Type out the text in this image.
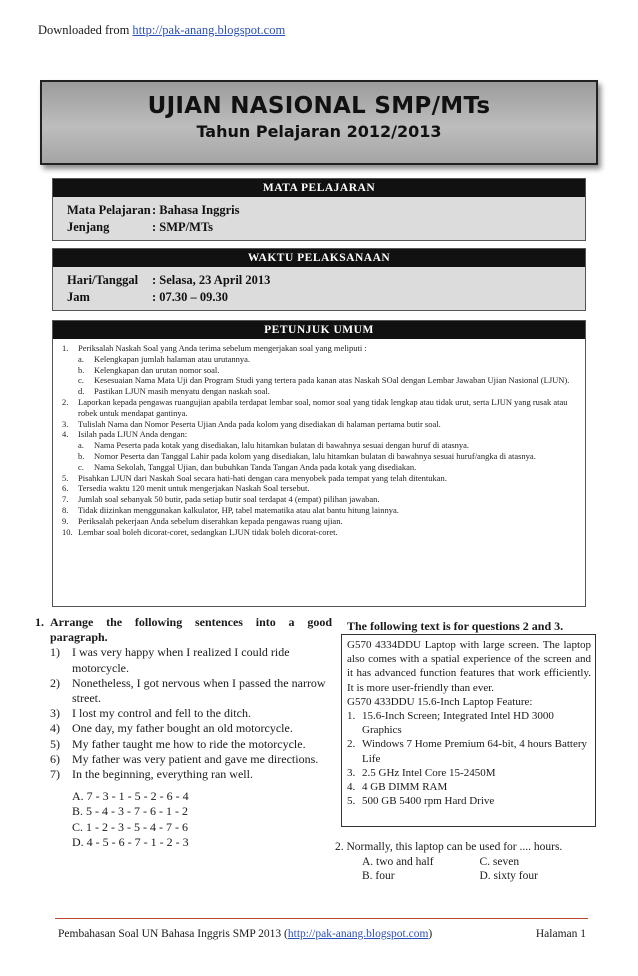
Downloaded from http://pak-anang.blogspot.com
UJIAN NASIONAL SMP/MTs
Tahun Pelajaran 2012/2013
MATA PELAJARAN
Mata Pelajaran: Bahasa Inggris
Jenjang	: SMP/MTs
WAKTU PELAKSANAAN
Hari/Tanggal : Selasa, 23 April 2013
Jam	: 07.30 – 09.30
PETUNJUK UMUM
1.	Periksalah Naskah Soal yang Anda terima sebelum mengerjakan soal yang meliputi :
a.	Kelengkapan jumlah halaman atau urutannya.
b.	Kelengkapan dan urutan nomor soal.
c.	Kesesuaian Nama Mata Uji dan Program Studi yang tertera pada kanan atas Naskah SOal dengan Lembar Jawaban Ujian Nasional (LJUN).
d.	Pastikan LJUN masih menyatu dengan naskah soal.
2.	Laporkan kepada pengawas ruangujian apabila terdapat lembar soal, nomor soal yang tidak lengkap atau tidak urut, serta LJUN yang rusak atau robek untuk mendapat gantinya.
3.	Tulislah Nama dan Nomor Peserta Ujian Anda pada kolom yang disediakan di halaman pertama butir soal.
4.	Isilah pada LJUN Anda dengan:
a.	Nama Peserta pada kotak yang disediakan, lalu hitamkan bulatan di bawahnya sesuai dengan huruf di atasnya.
b.	Nomor Peserta dan Tanggal Lahir pada kolom yang disediakan, lalu hitamkan bulatan di bawahnya sesuai huruf/angka di atasnya.
c.	Nama Sekolah, Tanggal Ujian, dan bubuhkan Tanda Tangan Anda pada kotak yang disediakan.
5.	Pisahkan LJUN dari Naskah Soal secara hati-hati dengan cara menyobek pada tempat yang telah ditentukan.
6.	Tersedia waktu 120 menit untuk mengerjakan Naskah Soal tersebut.
7.	Jumlah soal sebanyak 50 butir, pada setiap butir soal terdapat 4 (empat) pilihan jawaban.
8.	Tidak diizinkan menggunakan kalkulator, HP, tabel matematika atau alat bantu hitung lainnya.
9.	Periksalah pekerjaan Anda sebelum diserahkan kepada pengawas ruang ujian.
10. Lembar soal boleh dicorat-coret, sedangkan LJUN tidak boleh dicorat-coret.
1. Arrange the following sentences into a good paragraph.
1)	I was very happy when I realized I could ride motorcycle.
2)	Nonetheless, I got nervous when I passed the narrow street.
3)	I lost my control and fell to the ditch.
4)	One day, my father bought an old motorcycle.
5)	My father taught me how to ride the motorcycle.
6)	My father was very patient and gave me directions.
7)	In the beginning, everything ran well.
A. 7 - 3 - 1 - 5 - 2 - 6 - 4
B. 5 - 4 - 3 - 7 - 6 - 1 - 2
C. 1 - 2 - 3 - 5 - 4 - 7 - 6
D. 4 - 5 - 6 - 7 - 1 - 2 - 3
The following text is for questions 2 and 3.
G570 4334DDU Laptop with large screen. The laptop also comes with a spatial experience of the screen and it has advanced function features that work efficiently. It is more user-friendly than ever.
G570 433DDU 15.6-Inch Laptop Feature:
1. 15.6-Inch Screen; Integrated Intel HD 3000 Graphics
2. Windows 7 Home Premium 64-bit, 4 hours Battery Life
3. 2.5 GHz Intel Core 15-2450M
4. 4 GB DIMM RAM
5. 500 GB 5400 rpm Hard Drive
2. Normally, this laptop can be used for .... hours.
A. two and half	C. seven
B. four	D. sixty four
Pembahasan Soal UN Bahasa Inggris SMP 2013 (http://pak-anang.blogspot.com)	Halaman 1
